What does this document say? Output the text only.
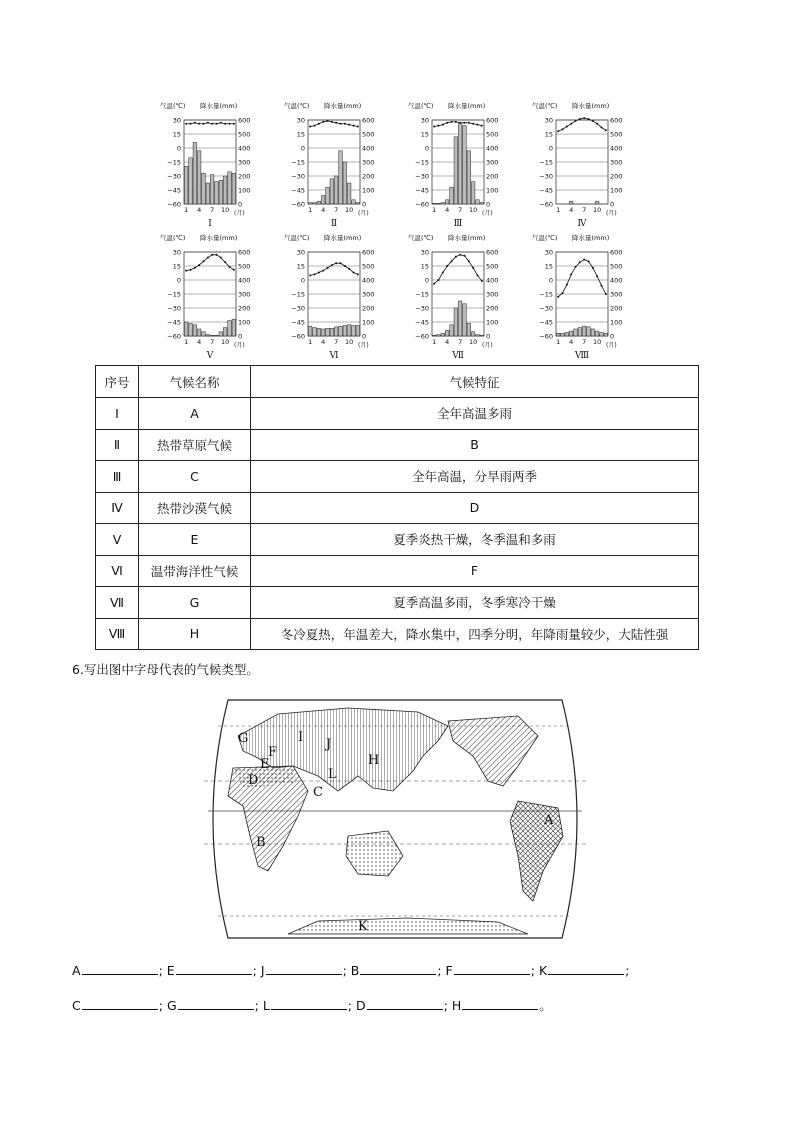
气温(℃) 降水量(mm)
30	600
15	500
0	400
−15	300
−30	200
−45	100
−60	0
1 4 7 10 (月)
Ⅰ
气温(℃) 降水量(mm)
30	600
15	500
0	400
−15	300
−30	200
−45	100
−60	0
1 4 7 10 (月)
Ⅱ
气温(℃) 降水量(mm)
30	600
15	500
0	400
−15	300
−30	200
−45	100
−60	0
1 4 7 10 (月)
Ⅲ
气温(℃) 降水量(mm)
30	600
15	500
0	400
−15	300
−30	200
−45	100
−60	0
1 4 7 10 (月)
Ⅳ
气温(℃) 降水量(mm)
30	600
15	500
0	400
−15	300
−30	200
−45	100
−60	0
1 4 7 10 (月)
Ⅴ
气温(℃) 降水量(mm)
30	600
15	500
0	400
−15	300
−30	200
−45	100
−60	0
1 4 7 10 (月)
Ⅵ
气温(℃) 降水量(mm)
30	600
15	500
0	400
−15	300
−30	200
−45	100
−60	0
1 4 7 10 (月)
Ⅶ
气温(℃) 降水量(mm)
30	600
15	500
0	400
−15	300
−30	200
−45	100
−60	0
1 4 7 10 (月)
Ⅷ
序号	气候名称	气候特征
Ⅰ	A	全年高温多雨
Ⅱ	热带草原气候	B
Ⅲ	C	全年高温，分旱雨两季
Ⅳ	热带沙漠气候	D
Ⅴ	E	夏季炎热干燥，冬季温和多雨
Ⅵ	温带海洋性气候	F
Ⅶ	G	夏季高温多雨，冬季寒冷干燥
Ⅷ	H	冬冷夏热，年温差大，降水集中，四季分明，年降雨量较少，大陆性强
6.写出图中字母代表的气候类型。
G
E
F
D
C
B
I J
H
L
A
K
A	; E	; J	; B	; F	; K	;
C	; G	; L	; D	; H	。
